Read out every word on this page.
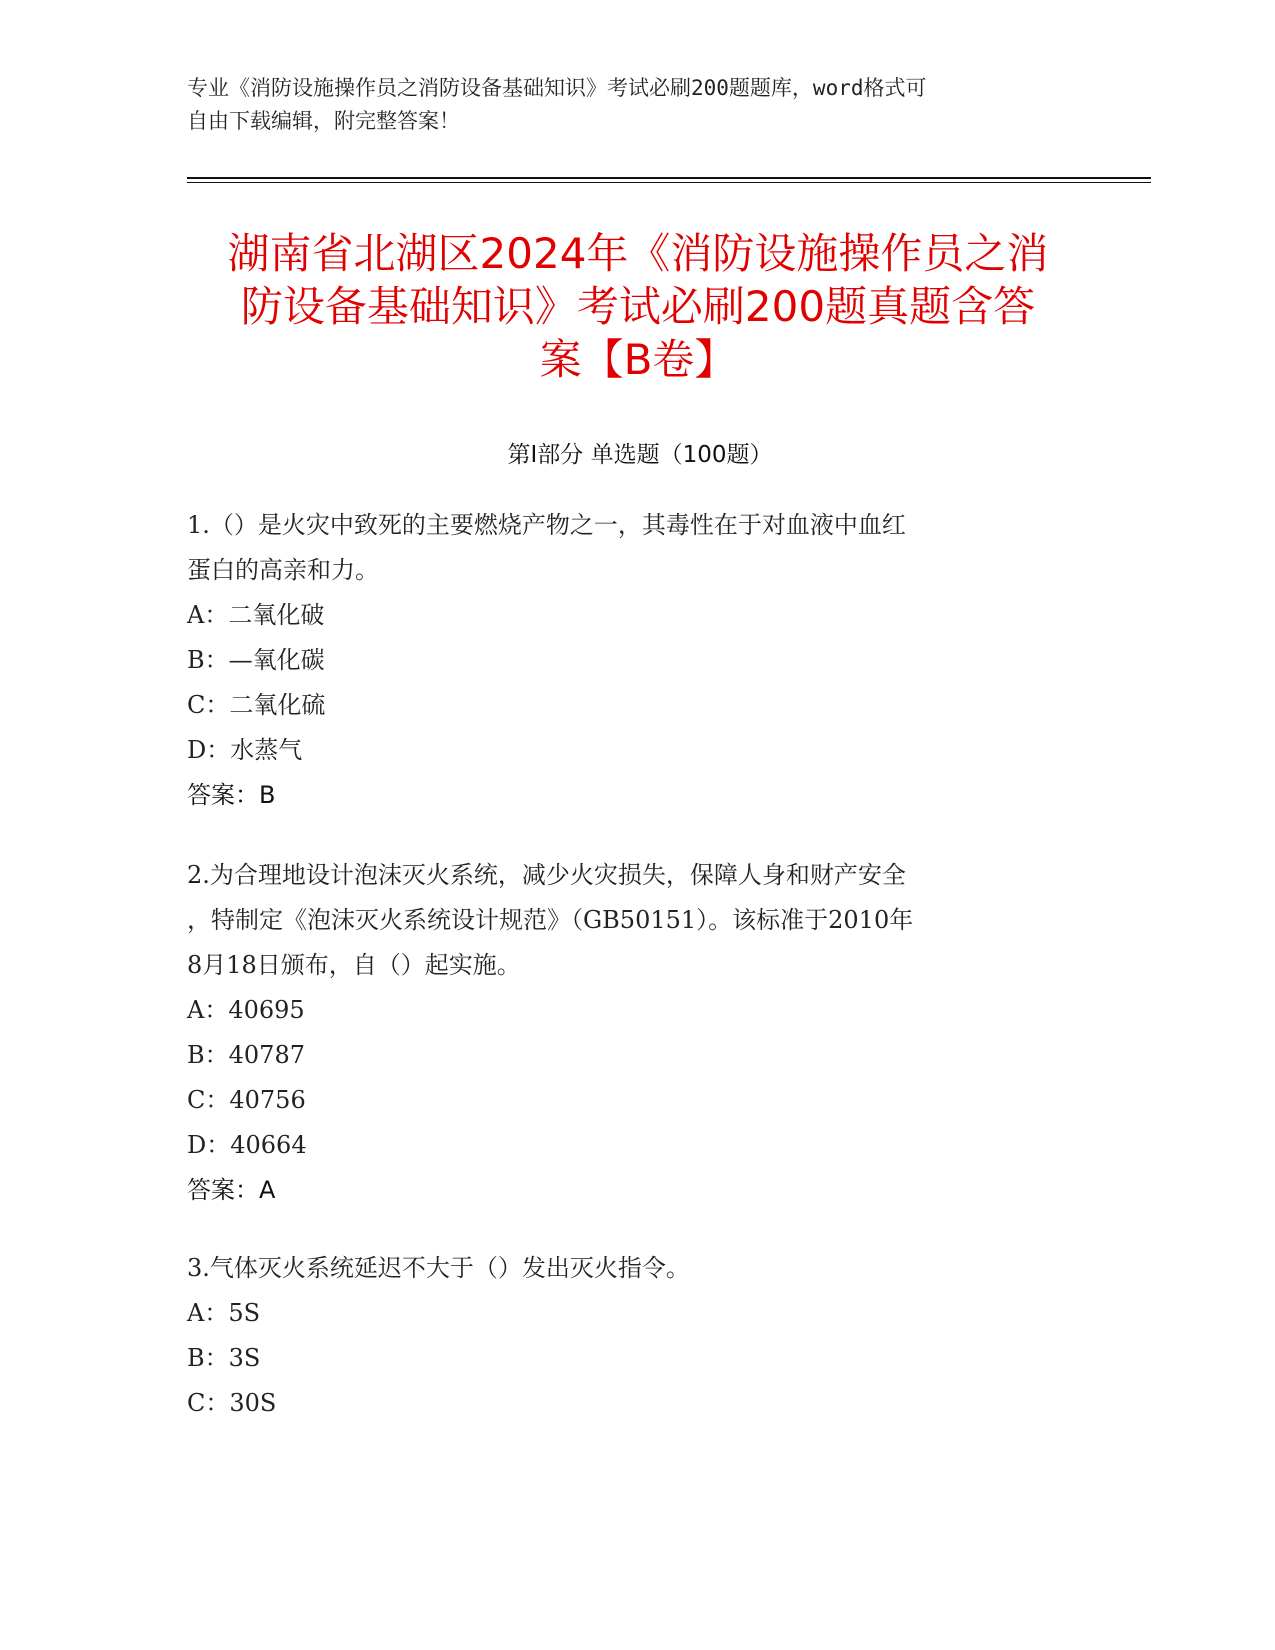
专业《消防设施操作员之消防设备基础知识》考试必刷200题题库，word格式可
自由下载编辑，附完整答案！
湖南省北湖区2024年《消防设施操作员之消
防设备基础知识》考试必刷200题真题含答
案【B卷】
第Ⅰ部分 单选题（100题）
1.（）是火灾中致死的主要燃烧产物之一，其毒性在于对血液中血红
蛋白的高亲和力。
A：二氧化破
B：—氧化碳
C：二氧化硫
D：水蒸气
答案：B
2.为合理地设计泡沫灭火系统，减少火灾损失，保障人身和财产安全
，特制定《泡沫灭火系统设计规范》（GB50151）。该标准于2010年
8月18日颁布，自（）起实施。
A：40695
B：40787
C：40756
D：40664
答案：A
3.气体灭火系统延迟不大于（）发出灭火指令。
A：5S
B：3S
C：30S
